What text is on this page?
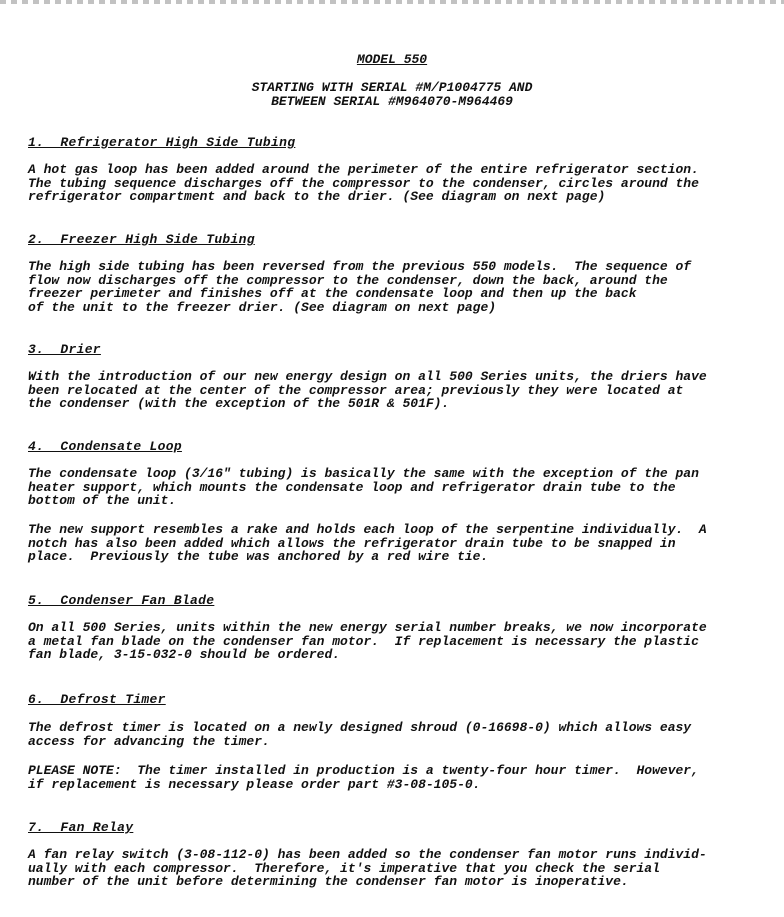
MODEL 550
STARTING WITH SERIAL #M/P1004775 AND
BETWEEN SERIAL #M964070-M964469
1.  Refrigerator High Side Tubing
A hot gas loop has been added around the perimeter of the entire refrigerator section.
The tubing sequence discharges off the compressor to the condenser, circles around the
refrigerator compartment and back to the drier. (See diagram on next page)
2.  Freezer High Side Tubing
The high side tubing has been reversed from the previous 550 models.  The sequence of
flow now discharges off the compressor to the condenser, down the back, around the
freezer perimeter and finishes off at the condensate loop and then up the back
of the unit to the freezer drier. (See diagram on next page)
3.  Drier
With the introduction of our new energy design on all 500 Series units, the driers have
been relocated at the center of the compressor area; previously they were located at
the condenser (with the exception of the 501R & 501F).
4.  Condensate Loop
The condensate loop (3/16" tubing) is basically the same with the exception of the pan
heater support, which mounts the condensate loop and refrigerator drain tube to the
bottom of the unit.
The new support resembles a rake and holds each loop of the serpentine individually.  A
notch has also been added which allows the refrigerator drain tube to be snapped in
place.  Previously the tube was anchored by a red wire tie.
5.  Condenser Fan Blade
On all 500 Series, units within the new energy serial number breaks, we now incorporate
a metal fan blade on the condenser fan motor.  If replacement is necessary the plastic
fan blade, 3-15-032-0 should be ordered.
6.  Defrost Timer
The defrost timer is located on a newly designed shroud (0-16698-0) which allows easy
access for advancing the timer.
PLEASE NOTE:  The timer installed in production is a twenty-four hour timer.  However,
if replacement is necessary please order part #3-08-105-0.
7.  Fan Relay
A fan relay switch (3-08-112-0) has been added so the condenser fan motor runs individ-
ually with each compressor.  Therefore, it's imperative that you check the serial
number of the unit before determining the condenser fan motor is inoperative.
